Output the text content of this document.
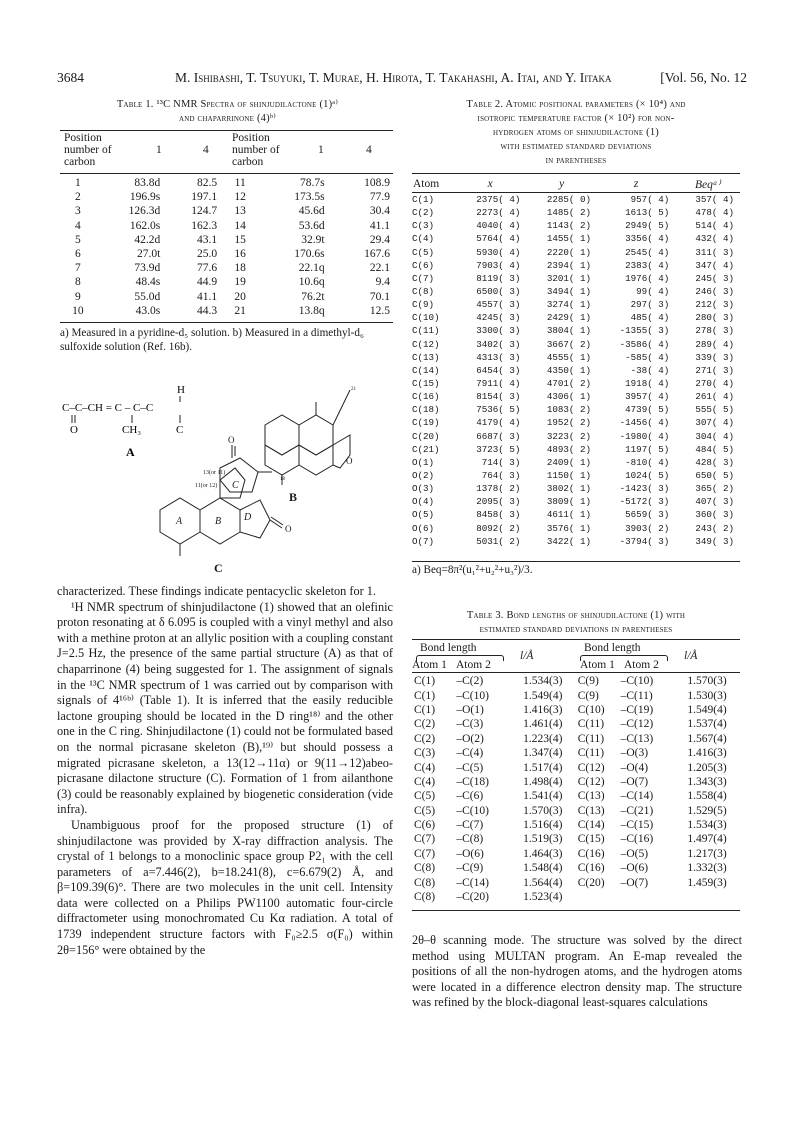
3684	M. Ishibashi, T. Tsuyuki, T. Murae, H. Hirota, T. Takahashi, A. Itai, and Y. Iitaka	[Vol. 56, No. 12
Table 1. ¹³C NMR Spectra of shinjudilactone (1)ᵃ⁾
and chaparrinone (4)ᵇ⁾
Position number of carbon
1	4
Position number of carbon
1	4
1	83.8d	82.5	11	78.7s	108.9
2	196.9s	197.1	12	173.5s	77.9
3	126.3d	124.7	13	45.6d	30.4
4	162.0s	162.3	14	53.6d	41.1
5	42.2d	43.1	15	32.9t	29.4
6	27.0t	25.0	16	170.6s	167.6
7	73.9d	77.6	18	22.1q	22.1
8	48.4s	44.9	19	10.6q	9.4
9	55.0d	41.1	20	76.2t	70.1
10	43.0s	44.3	21	13.8q	12.5
a) Measured in a pyridine-d₅ solution. b) Measured in a dimethyl-d₆ sulfoxide solution (Ref. 16b).
H
C–C–CH = C – C–C
O	CH₃	C
A
B
O
21
18
O
O
13(or 11)
11(or 12) C
A	B D
C
Table 2. Atomic positional parameters (× 10⁴) and
isotropic temperature factor (× 10²) for non-
hydrogen atoms of shinjudilactone (1)
with estimated standard deviations
in parentheses
Atom	x	y	z	Beqᵃ⁾
C(1)	2375( 4)	2285( 0)	957( 4)	357( 4)
C(2)	2273( 4)	1485( 2)	1613( 5)	478( 4)
C(3)	4040( 4)	1143( 2)	2949( 5)	514( 4)
C(4)	5764( 4)	1455( 1)	3356( 4)	432( 4)
C(5)	5930( 4)	2220( 1)	2545( 4)	311( 3)
C(6)	7903( 4)	2394( 1)	2383( 4)	347( 4)
C(7)	8119( 3)	3201( 1)	1976( 4)	245( 3)
C(8)	6500( 3)	3494( 1)	99( 4)	246( 3)
C(9)	4557( 3)	3274( 1)	297( 3)	212( 3)
C(10)	4245( 3)	2429( 1)	485( 4)	280( 3)
C(11)	3300( 3)	3804( 1)	-1355( 3)	278( 3)
C(12)	3402( 3)	3667( 2)	-3586( 4)	289( 4)
C(13)	4313( 3)	4555( 1)	-585( 4)	339( 3)
C(14)	6454( 3)	4350( 1)	-38( 4)	271( 3)
C(15)	7911( 4)	4701( 2)	1918( 4)	270( 4)
C(16)	8154( 3)	4306( 1)	3957( 4)	261( 4)
C(18)	7536( 5)	1083( 2)	4739( 5)	555( 5)
C(19)	4179( 4)	1952( 2)	-1456( 4)	307( 4)
C(20)	6687( 3)	3223( 2)	-1980( 4)	304( 4)
C(21)	3723( 5)	4893( 2)	1197( 5)	484( 5)
O(1)	714( 3)	2409( 1)	-810( 4)	428( 3)
O(2)	764( 3)	1150( 1)	1024( 5)	650( 5)
O(3)	1378( 2)	3802( 1)	-1423( 3)	365( 2)
O(4)	2095( 3)	3809( 1)	-5172( 3)	407( 3)
O(5)	8458( 3)	4611( 1)	5659( 3)	360( 3)
O(6)	8092( 2)	3576( 1)	3903( 2)	243( 2)
O(7)	5031( 2)	3422( 1)	-3794( 3)	349( 3)
a) Beq=8π²(u₁²+u₂²+u₃²)/3.
Table 3. Bond lengths of shinjudilactone (1) with
estimated standard deviations in parentheses
Bond length
Atom 1 Atom 2
l/Å
Bond length
Atom 1 Atom 2
l/Å
C(1)	–C(2)	1.534(3)	C(9)	–C(10)	1.570(3)
C(1)	–C(10)	1.549(4)	C(9)	–C(11)	1.530(3)
C(1)	–O(1)	1.416(3)	C(10)	–C(19)	1.549(4)
C(2)	–C(3)	1.461(4)	C(11)	–C(12)	1.537(4)
C(2)	–O(2)	1.223(4)	C(11)	–C(13)	1.567(4)
C(3)	–C(4)	1.347(4)	C(11)	–O(3)	1.416(3)
C(4)	–C(5)	1.517(4)	C(12)	–O(4)	1.205(3)
C(4)	–C(18)	1.498(4)	C(12)	–O(7)	1.343(3)
C(5)	–C(6)	1.541(4)	C(13)	–C(14)	1.558(4)
C(5)	–C(10)	1.570(3)	C(13)	–C(21)	1.529(5)
C(6)	–C(7)	1.516(4)	C(14)	–C(15)	1.534(3)
C(7)	–C(8)	1.519(3)	C(15)	–C(16)	1.497(4)
C(7)	–O(6)	1.464(3)	C(16)	–O(5)	1.217(3)
C(8)	–C(9)	1.548(4)	C(16)	–O(6)	1.332(3)
C(8)	–C(14)	1.564(4)	C(20)	–O(7)	1.459(3)
C(8)	–C(20)	1.523(4)			

characterized. These findings indicate pentacyclic skeleton for 1.

¹H NMR spectrum of shinjudilactone (1) showed that an olefinic proton resonating at δ 6.095 is coupled with a vinyl methyl and also with a methine proton at an allylic position with a coupling constant J=2.5 Hz, the presence of the same partial structure (A) as that of chaparrinone (4) being suggested for 1. The assignment of signals in the ¹³C NMR spectrum of 1 was carried out by comparison with signals of 4¹⁶ᵇ⁾ (Table 1). It is inferred that the easily reducible lactone grouping should be located in the D ring¹⁸⁾ and the other one in the C ring. Shinjudilactone (1) could not be formulated based on the normal picrasane skeleton (B),¹⁹⁾ but should possess a migrated picrasane skeleton, a 13(12→11α) or 9(11→12)abeo-picrasane dilactone structure (C). Formation of 1 from ailanthone (3) could be reasonably explained by biogenetic consideration (vide infra).

Unambiguous proof for the proposed structure (1) of shinjudilactone was provided by X-ray diffraction analysis. The crystal of 1 belongs to a monoclinic space group P2₁ with the cell parameters of a=7.446(2), b=18.241(8), c=6.679(2) Å, and β=109.39(6)°. There are two molecules in the unit cell. Intensity data were collected on a Philips PW1100 automatic four-circle diffractometer using monochromated Cu Kα radiation. A total of 1739 independent structure factors with F₀≥2.5 σ(F₀) within 2θ=156° were obtained by the

2θ–θ scanning mode. The structure was solved by the direct method using MULTAN program. An E-map revealed the positions of all the non-hydrogen atoms, and the hydrogen atoms were located in a difference electron density map. The structure was refined by the block-diagonal least-squares calculations
